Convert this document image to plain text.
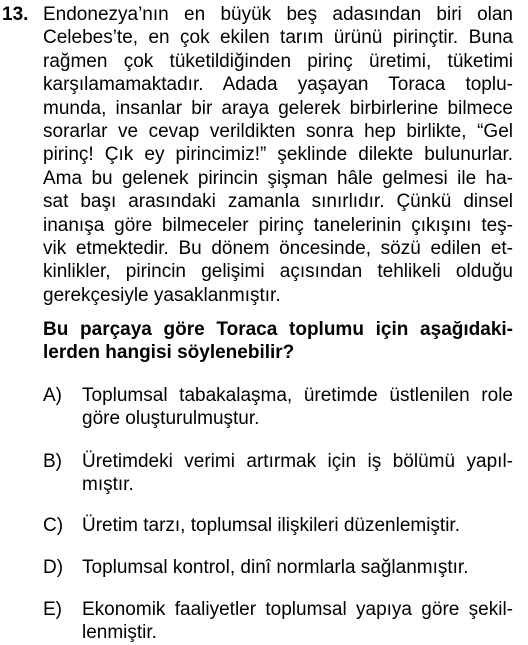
13. Endonezya’nın en büyük beş adasından biri olan
Celebes’te, en çok ekilen tarım ürünü pirinçtir. Buna
rağmen çok tüketildiğinden pirinç üretimi, tüketimi
karşılamamaktadır. Adada yaşayan Toraca toplu-
munda, insanlar bir araya gelerek birbirlerine bilmece
sorarlar ve cevap verildikten sonra hep birlikte, “Gel
pirinç! Çık ey pirincimiz!” şeklinde dilekte bulunurlar.
Ama bu gelenek pirincin şişman hâle gelmesi ile ha-
sat başı arasındaki zamanla sınırlıdır. Çünkü dinsel
inanışa göre bilmeceler pirinç tanelerinin çıkışını teş-
vik etmektedir. Bu dönem öncesinde, sözü edilen et-
kinlikler, pirincin gelişimi açısından tehlikeli olduğu
gerekçesiyle yasaklanmıştır.
Bu parçaya göre Toraca toplumu için aşağıdaki-
lerden hangisi söylenebilir?
A) Toplumsal tabakalaşma, üretimde üstlenilen role
göre oluşturulmuştur.
B) Üretimdeki verimi artırmak için iş bölümü yapıl-
mıştır.
C) Üretim tarzı, toplumsal ilişkileri düzenlemiştir.
D) Toplumsal kontrol, dinî normlarla sağlanmıştır.
E) Ekonomik faaliyetler toplumsal yapıya göre şekil-
lenmiştir.
